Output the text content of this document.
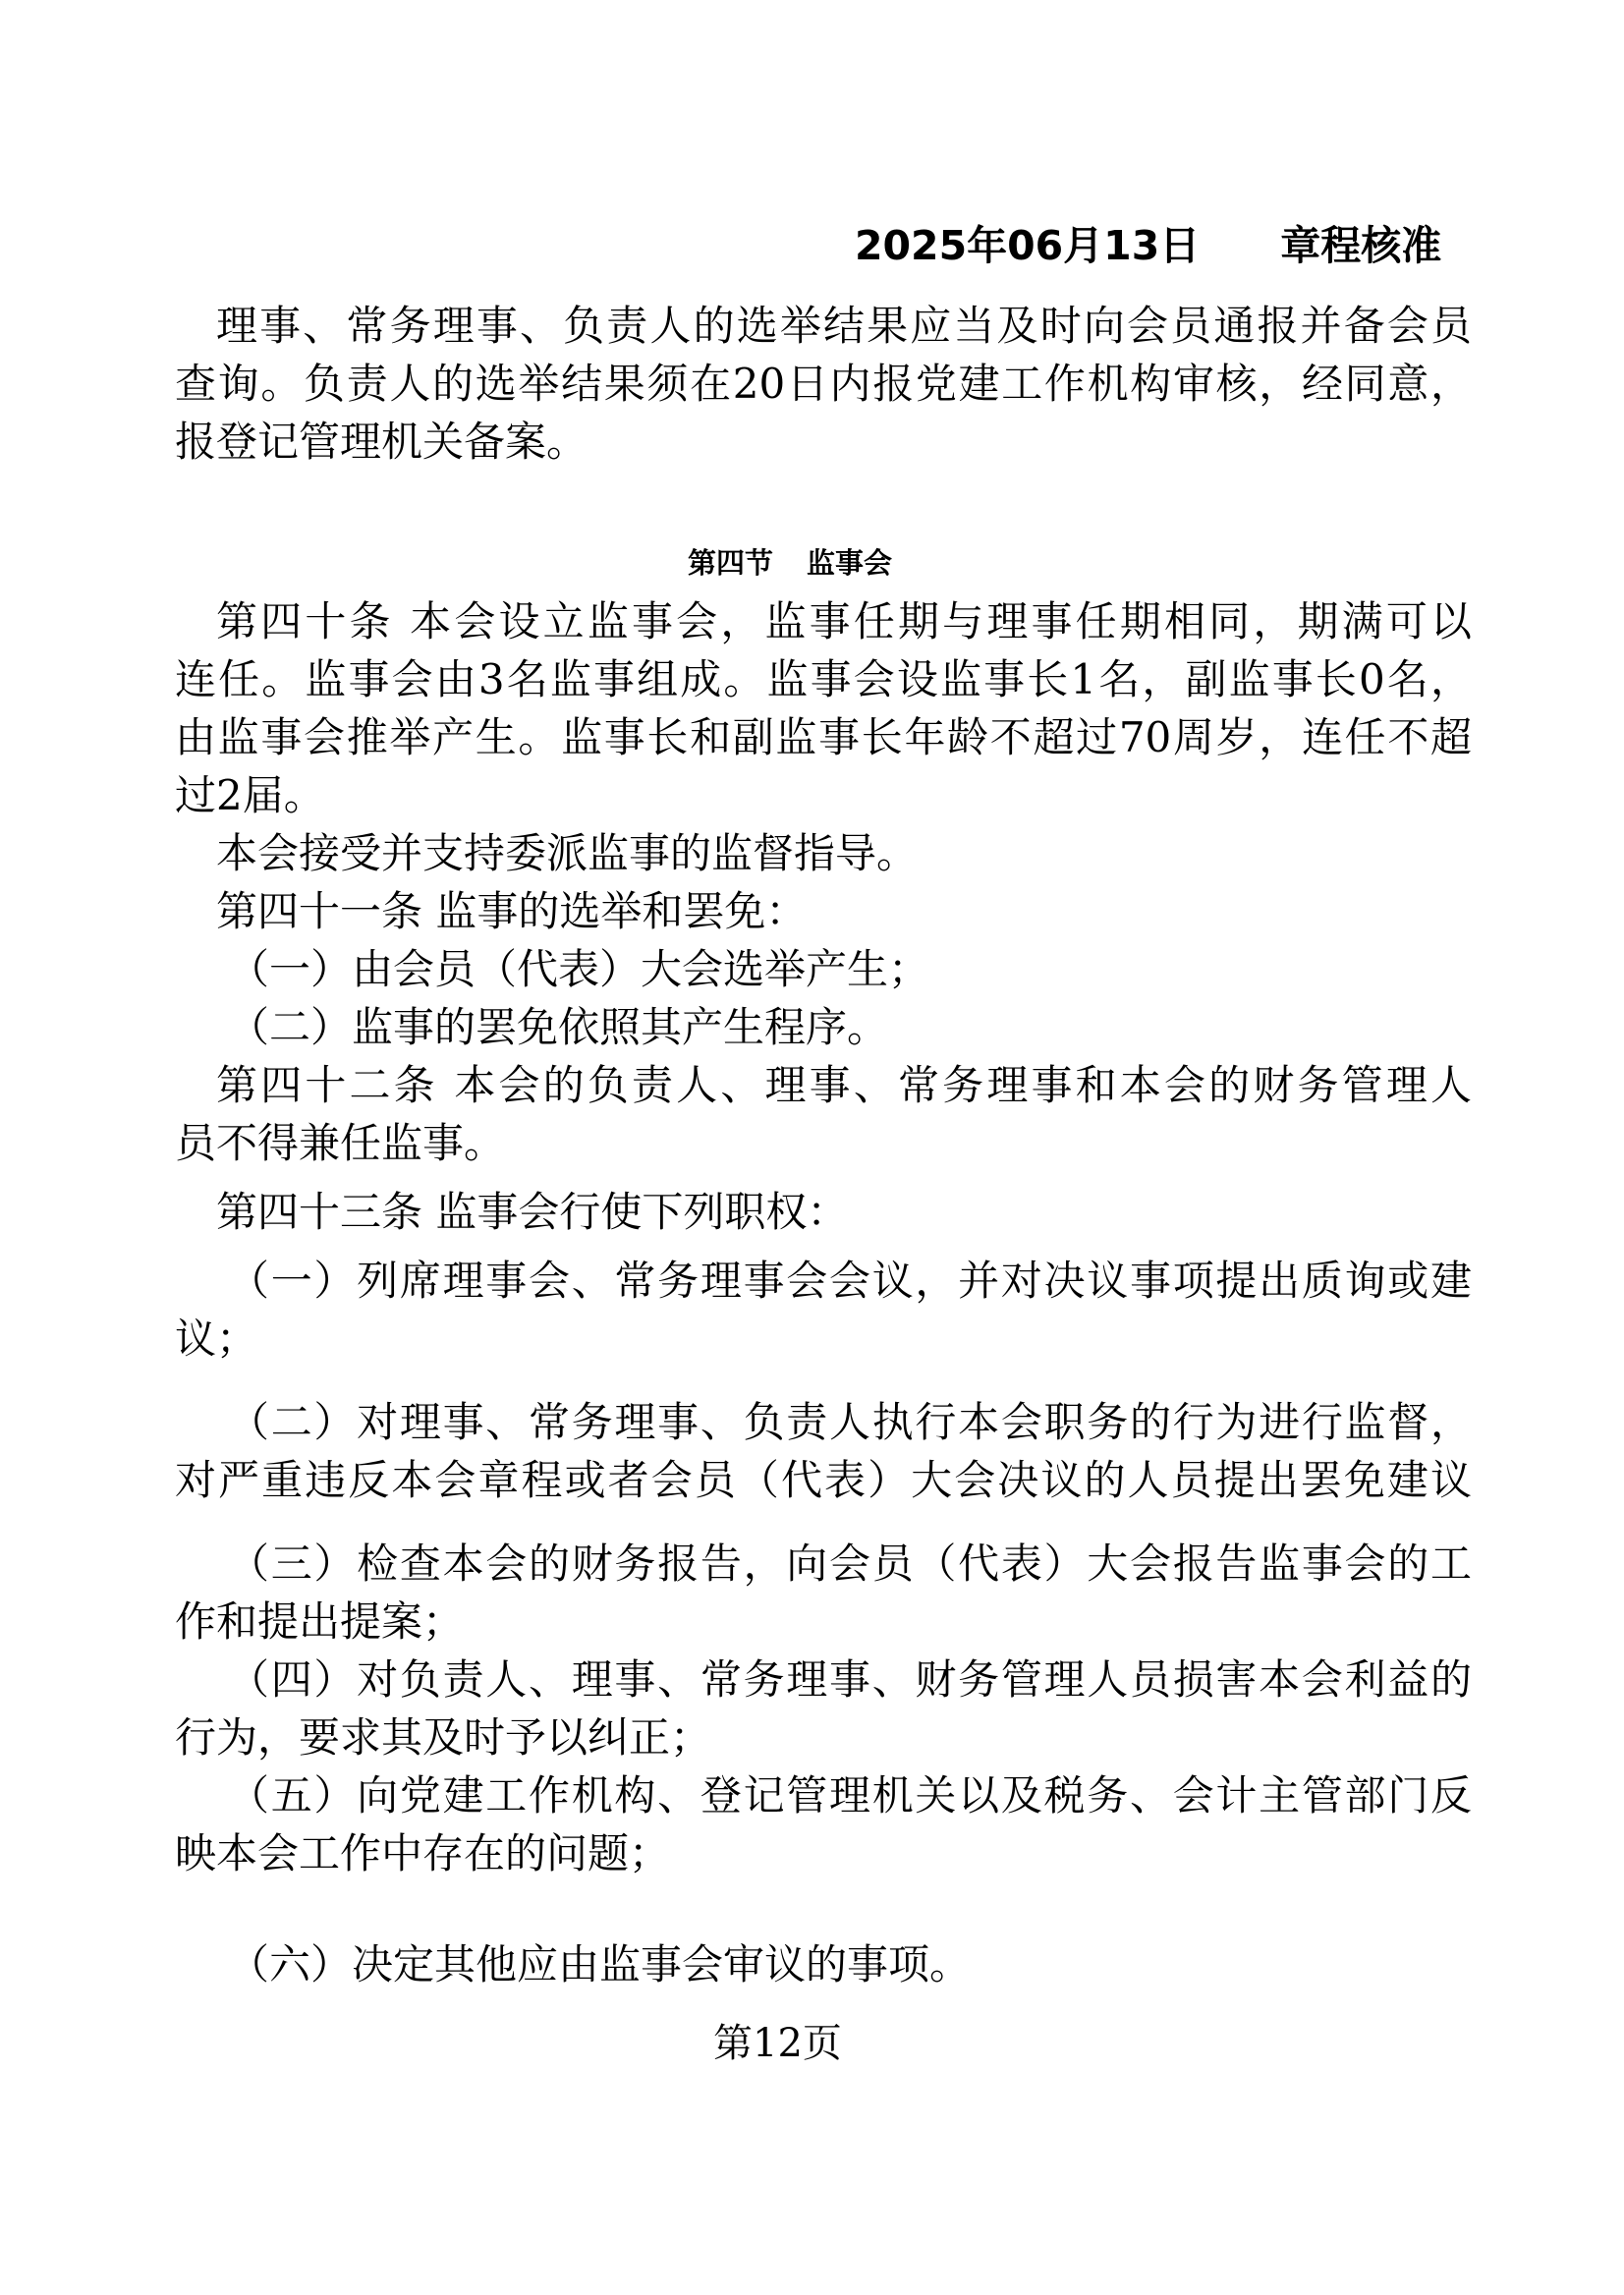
2025年06月13日 章程核准
理事、常务理事、负责人的选举结果应当及时向会员通报并备会员
查询。负责人的选举结果须在20日内报党建工作机构审核，经同意，
报登记管理机关备案。
第四节 监事会
第四十条 本会设立监事会，监事任期与理事任期相同，期满可以
连任。监事会由3名监事组成。监事会设监事长1名，副监事长0名，
由监事会推举产生。监事长和副监事长年龄不超过70周岁，连任不超
过2届。
本会接受并支持委派监事的监督指导。
第四十一条 监事的选举和罢免：
（一）由会员（代表）大会选举产生；
（二）监事的罢免依照其产生程序。
第四十二条 本会的负责人、理事、常务理事和本会的财务管理人
员不得兼任监事。
第四十三条 监事会行使下列职权：
（一）列席理事会、常务理事会会议，并对决议事项提出质询或建
议；
（二）对理事、常务理事、负责人执行本会职务的行为进行监督，
对严重违反本会章程或者会员（代表）大会决议的人员提出罢免建议
（三）检查本会的财务报告，向会员（代表）大会报告监事会的工
作和提出提案；
（四）对负责人、理事、常务理事、财务管理人员损害本会利益的
行为，要求其及时予以纠正；
（五）向党建工作机构、登记管理机关以及税务、会计主管部门反
映本会工作中存在的问题；
（六）决定其他应由监事会审议的事项。
第12页
